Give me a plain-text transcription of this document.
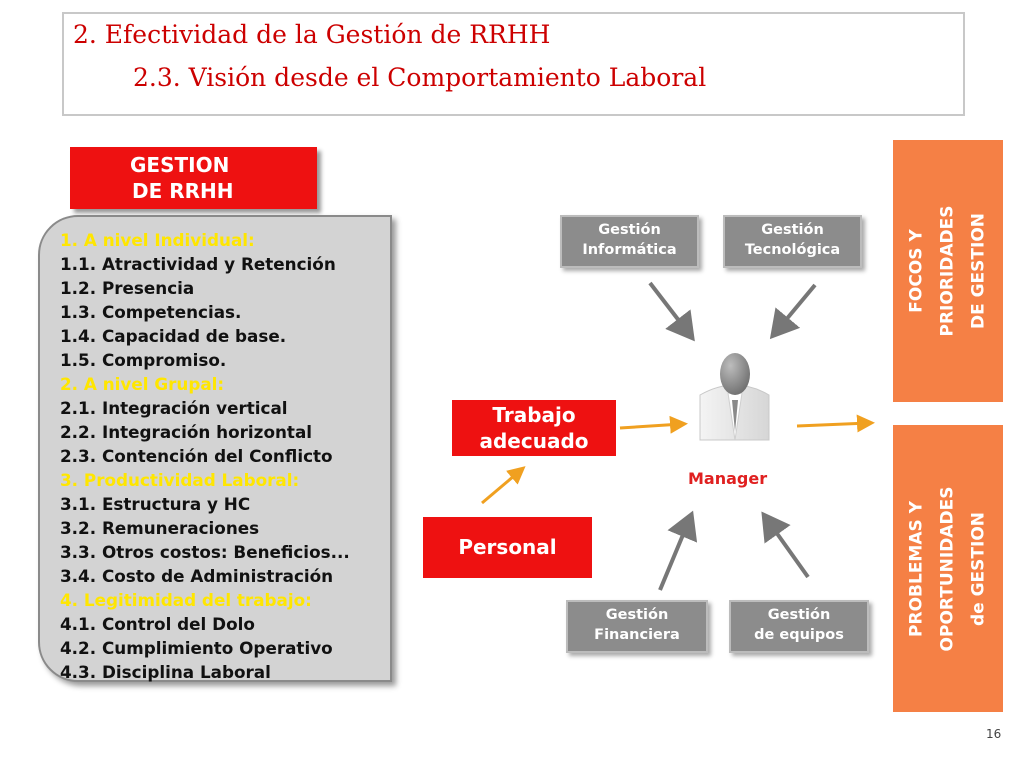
2. Efectividad de la Gestión de RRHH
2.3. Visión desde el Comportamiento Laboral
GESTION
DE RRHH
1. A nivel Individual:
1.1. Atractividad y Retención
1.2. Presencia
1.3. Competencias.
1.4. Capacidad de base.
1.5. Compromiso.
2. A nivel Grupal:
2.1. Integración vertical
2.2. Integración horizontal
2.3. Contención del Conflicto
3. Productividad Laboral:
3.1. Estructura y HC
3.2. Remuneraciones
3.3. Otros costos: Beneficios...
3.4. Costo de Administración
4. Legitimidad del trabajo:
4.1. Control del Dolo
4.2. Cumplimiento Operativo
4.3. Disciplina Laboral
Gestión
Informática
Gestión
Tecnológica
Gestión
Financiera
Gestión
de equipos
Trabajo
adecuado
Personal
Manager
FOCOS Y PRIORIDADES DE GESTION
PROBLEMAS Y OPORTUNIDADES de GESTION
16
